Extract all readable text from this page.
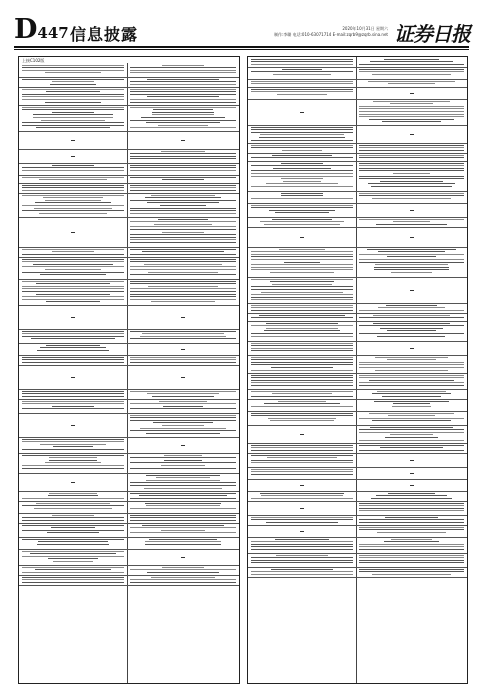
D447 信息披露	2020年10月31日 星期六
制作:李璐 电话:010-63071714 E-mail:zqrb9@zqrb.sina.net 证券日报
上接C102版
